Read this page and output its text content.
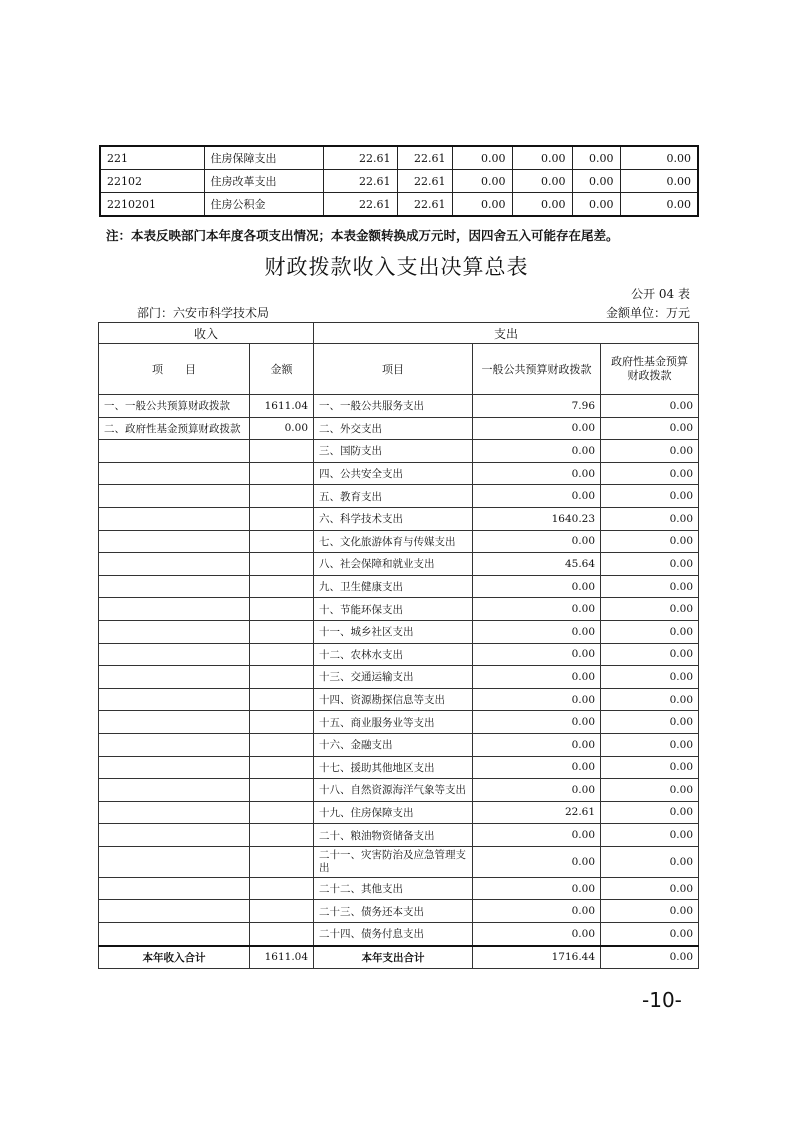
221	住房保障支出	22.61	22.61	0.00	0.00	0.00	0.00
22102	住房改革支出	22.61	22.61	0.00	0.00	0.00	0.00
2210201	住房公积金	22.61	22.61	0.00	0.00	0.00	0.00
注：本表反映部门本年度各项支出情况；本表金额转换成万元时，因四舍五入可能存在尾差。
财政拨款收入支出决算总表
公开 04 表
部门：六安市科学技术局	金额单位：万元
收入		支出		
项　　目	金额	项目	一般公共预算财政拨款	政府性基金预算财政拨款
一、一般公共预算财政拨款	1611.04	一、一般公共服务支出	7.96	0.00
二、政府性基金预算财政拨款	0.00	二、外交支出	0.00	0.00
		三、国防支出	0.00	0.00
		四、公共安全支出	0.00	0.00
		五、教育支出	0.00	0.00
		六、科学技术支出	1640.23	0.00
		七、文化旅游体育与传媒支出	0.00	0.00
		八、社会保障和就业支出	45.64	0.00
		九、卫生健康支出	0.00	0.00
		十、节能环保支出	0.00	0.00
		十一、城乡社区支出	0.00	0.00
		十二、农林水支出	0.00	0.00
		十三、交通运输支出	0.00	0.00
		十四、资源勘探信息等支出	0.00	0.00
		十五、商业服务业等支出	0.00	0.00
		十六、金融支出	0.00	0.00
		十七、援助其他地区支出	0.00	0.00
		十八、自然资源海洋气象等支出	0.00	0.00
		十九、住房保障支出	22.61	0.00
		二十、粮油物资储备支出	0.00	0.00
		二十一、灾害防治及应急管理支出	0.00	0.00
		二十二、其他支出	0.00	0.00
		二十三、债务还本支出	0.00	0.00
		二十四、债务付息支出	0.00	0.00
本年收入合计	1611.04	本年支出合计	1716.44	0.00
-10-
